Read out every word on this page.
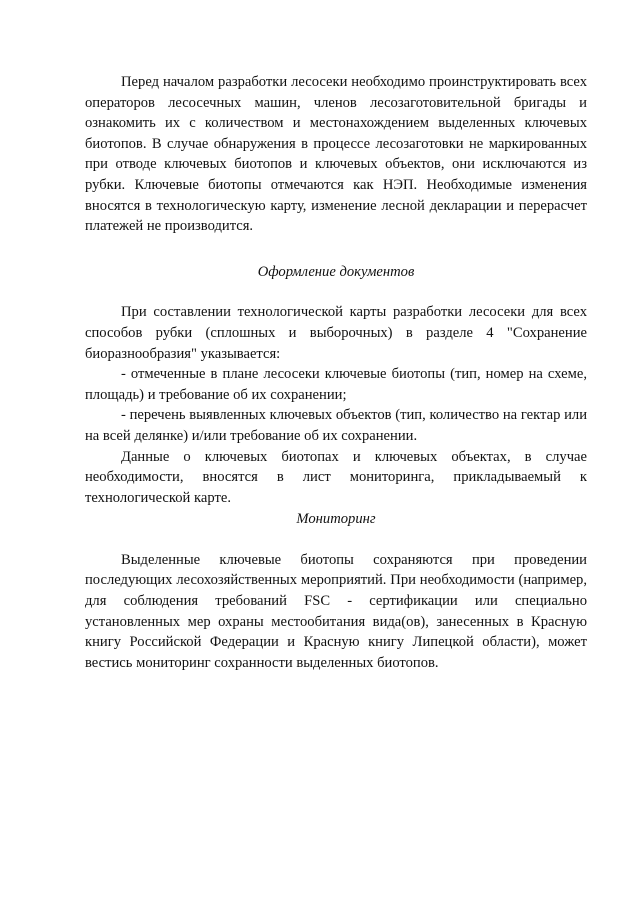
Перед началом разработки лесосеки необходимо проинструктировать всех операторов лесосечных машин, членов лесозаготовительной бригады и ознакомить их с количеством и местонахождением выделенных ключевых биотопов. В случае обнаружения в процессе лесозаготовки не маркированных при отводе ключевых биотопов и ключевых объектов, они исключаются из рубки. Ключевые биотопы отмечаются как НЭП. Необходимые изменения вносятся в технологическую карту, изменение лесной декларации и перерасчет платежей не производится.

Оформление документов

При составлении технологической карты разработки лесосеки для всех способов рубки (сплошных и выборочных) в разделе 4 "Сохранение биоразнообразия" указывается:

- отмеченные в плане лесосеки ключевые биотопы (тип, номер на схеме, площадь) и требование об их сохранении;

- перечень выявленных ключевых объектов (тип, количество на гектар или на всей делянке) и/или требование об их сохранении.

Данные о ключевых биотопах и ключевых объектах, в случае необходимости, вносятся в лист мониторинга, прикладываемый к технологической карте.

Мониторинг

Выделенные ключевые биотопы сохраняются при проведении последующих лесохозяйственных мероприятий. При необходимости (например, для соблюдения требований FSC - сертификации или специально установленных мер охраны местообитания вида(ов), занесенных в Красную книгу Российской Федерации и Красную книгу Липецкой области), может вестись мониторинг сохранности выделенных биотопов.
